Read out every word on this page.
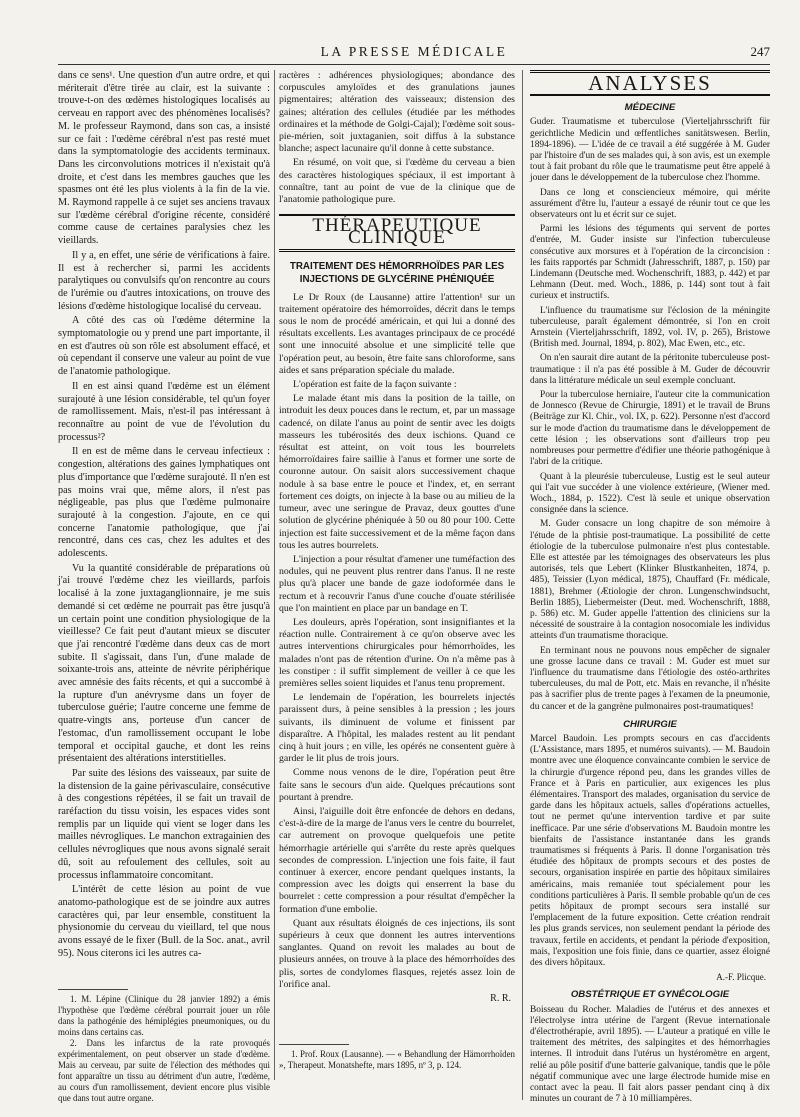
LA PRESSE MÉDICALE	247

dans ce sens¹. Une question d'un autre ordre, et qui mériterait d'être tirée au clair, est la suivante : trouve-t-on des œdèmes histologiques localisés au cerveau en rapport avec des phénomènes localisés? M. le professeur Raymond, dans son cas, a insisté sur ce fait : l'œdème cérébral n'est pas resté muet dans la symptomatologie des accidents terminaux. Dans les circonvolutions motrices il n'existait qu'à droite, et c'est dans les membres gauches que les spasmes ont été les plus violents à la fin de la vie. M. Raymond rappelle à ce sujet ses anciens travaux sur l'œdème cérébral d'origine récente, considéré comme cause de certaines paralysies chez les vieillards.

Il y a, en effet, une série de vérifications à faire. Il est à rechercher si, parmi les accidents paralytiques ou convulsifs qu'on rencontre au cours de l'urémie ou d'autres intoxications, on trouve des lésions d'œdème histologique localisé du cerveau.

A côté des cas où l'œdème détermine la symptomatologie ou y prend une part importante, il en est d'autres où son rôle est absolument effacé, et où cependant il conserve une valeur au point de vue de l'anatomie pathologique.

Il en est ainsi quand l'œdème est un élément surajouté à une lésion considérable, tel qu'un foyer de ramollissement. Mais, n'est-il pas intéressant à reconnaître au point de vue de l'évolution du processus²?

Il en est de même dans le cerveau infectieux : congestion, altérations des gaines lymphatiques ont plus d'importance que l'œdème surajouté. Il n'en est pas moins vrai que, même alors, il n'est pas négligeable, pas plus que l'œdème pulmonaire surajouté à la congestion. J'ajoute, en ce qui concerne l'anatomie pathologique, que j'ai rencontré, dans ces cas, chez les adultes et des adolescents.

Vu la quantité considérable de préparations où j'ai trouvé l'œdème chez les vieillards, parfois localisé à la zone juxtaganglionnaire, je me suis demandé si cet œdème ne pourrait pas être jusqu'à un certain point une condition physiologique de la vieillesse? Ce fait peut d'autant mieux se discuter que j'ai rencontré l'œdème dans deux cas de mort subite. Il s'agissait, dans l'un, d'une malade de soixante-trois ans, atteinte de névrite périphérique avec amnésie des faits récents, et qui a succombé à la rupture d'un anévrysme dans un foyer de tuberculose guérie; l'autre concerne une femme de quatre-vingts ans, porteuse d'un cancer de l'estomac, d'un ramollissement occupant le lobe temporal et occipital gauche, et dont les reins présentaient des altérations interstitielles.

Par suite des lésions des vaisseaux, par suite de la distension de la gaine périvasculaire, consécutive à des congestions répétées, il se fait un travail de raréfaction du tissu voisin, les espaces vides sont remplis par un liquide qui vient se loger dans les mailles névrogliques. Le manchon extragainien des cellules névrogliques que nous avons signalé serait dû, soit au refoulement des cellules, soit au processus inflammatoire concomitant.

L'intérêt de cette lésion au point de vue anatomo-pathologique est de se joindre aux autres caractères qui, par leur ensemble, constituent la physionomie du cerveau du vieillard, tel que nous avons essayé de le fixer (Bull. de la Soc. anat., avril 95). Nous citerons ici les autres ca-

1. M. Lépine (Clinique du 28 janvier 1892) a émis l'hypothèse que l'œdème cérébral pourrait jouer un rôle dans la pathogénie des hémiplégies pneumoniques, ou du moins dans certains cas.

2. Dans les infarctus de la rate provoqués expérimentalement, on peut observer un stade d'œdème. Mais au cerveau, par suite de l'élection des méthodes qui font apparaître un tissu au détriment d'un autre, l'œdème, au cours d'un ramollissement, devient encore plus visible que dans tout autre organe.

ractères : adhérences physiologiques; abondance des corpuscules amyloïdes et des granulations jaunes pigmentaires; altération des vaisseaux; distension des gaines; altération des cellules (étudiée par les méthodes ordinaires et la méthode de Golgi-Cajal); l'œdème soit sous-pie-mérien, soit juxtaganien, soit diffus à la substance blanche; aspect lacunaire qu'il donne à cette substance.

En résumé, on voit que, si l'œdème du cerveau a bien des caractères histologiques spéciaux, il est important à connaître, tant au point de vue de la clinique que de l'anatomie pathologique pure.

THÉRAPEUTIQUE CLINIQUE
TRAITEMENT DES HÉMORRHOÏDES PAR LES INJECTIONS DE GLYCÉRINE PHÉNIQUÉE

Le Dr Roux (de Lausanne) attire l'attention¹ sur un traitement opératoire des hémorroïdes, décrit dans le temps sous le nom de procédé américain, et qui lui a donné des résultats excellents. Les avantages principaux de ce procédé sont une innocuité absolue et une simplicité telle que l'opération peut, au besoin, être faite sans chloroforme, sans aides et sans préparation spéciale du malade.

L'opération est faite de la façon suivante :

Le malade étant mis dans la position de la taille, on introduit les deux pouces dans le rectum, et, par un massage cadencé, on dilate l'anus au point de sentir avec les doigts masseurs les tubérosités des deux ischions. Quand ce résultat est atteint, on voit tous les bourrelets hémorroïdaires faire saillie à l'anus et former une sorte de couronne autour. On saisit alors successivement chaque nodule à sa base entre le pouce et l'index, et, en serrant fortement ces doigts, on injecte à la base ou au milieu de la tumeur, avec une seringue de Pravaz, deux gouttes d'une solution de glycérine phéniquée à 50 ou 80 pour 100. Cette injection est faite successivement et de la même façon dans tous les autres bourrelets.

L'injection a pour résultat d'amener une tuméfaction des nodules, qui ne peuvent plus rentrer dans l'anus. Il ne reste plus qu'à placer une bande de gaze iodoformée dans le rectum et à recouvrir l'anus d'une couche d'ouate stérilisée que l'on maintient en place par un bandage en T.

Les douleurs, après l'opération, sont insignifiantes et la réaction nulle. Contrairement à ce qu'on observe avec les autres interventions chirurgicales pour hémorrhoïdes, les malades n'ont pas de rétention d'urine. On n'a même pas à les constiper : il suffit simplement de veiller à ce que les premières selles soient liquides et l'anus tenu proprement.

Le lendemain de l'opération, les bourrelets injectés paraissent durs, à peine sensibles à la pression ; les jours suivants, ils diminuent de volume et finissent par disparaître. A l'hôpital, les malades restent au lit pendant cinq à huit jours ; en ville, les opérés ne consentent guère à garder le lit plus de trois jours.

Comme nous venons de le dire, l'opération peut être faite sans le secours d'un aide. Quelques précautions sont pourtant à prendre.

Ainsi, l'aiguille doit être enfoncée de dehors en dedans, c'est-à-dire de la marge de l'anus vers le centre du bourrelet, car autrement on provoque quelquefois une petite hémorrhagie artérielle qui s'arrête du reste après quelques secondes de compression. L'injection une fois faite, il faut continuer à exercer, encore pendant quelques instants, la compression avec les doigts qui enserrent la base du bourrelet : cette compression a pour résultat d'empêcher la formation d'une embolie.

Quant aux résultats éloignés de ces injections, ils sont supérieurs à ceux que donnent les autres interventions sanglantes. Quand on revoit les malades au bout de plusieurs années, on trouve à la place des hémorrhoïdes des plis, sortes de condylomes flasques, rejetés assez loin de l'orifice anal.

R. R.

1. Prof. Roux (Lausanne). — « Behandlung der Hämorrhoïden », Therapeut. Monatshefte, mars 1895, nº 3, p. 124.

ANALYSES
MÉDECINE

Guder. Traumatisme et tuberculose (Vierteljahrsschrift für gerichtliche Medicin und œffentliches sanitätswesen. Berlin, 1894-1896). — L'idée de ce travail a été suggérée à M. Guder par l'histoire d'un de ses malades qui, à son avis, est un exemple tout à fait probant du rôle que le traumatisme peut être appelé à jouer dans le développement de la tuberculose chez l'homme.

Dans ce long et consciencieux mémoire, qui mérite assurément d'être lu, l'auteur a essayé de réunir tout ce que les observateurs ont lu et écrit sur ce sujet.

Parmi les lésions des téguments qui servent de portes d'entrée, M. Guder insiste sur l'infection tuberculeuse consécutive aux morsures et à l'opération de la circoncision : les faits rapportés par Schmidt (Jahresschrift, 1887, p. 150) par Lindemann (Deutsche med. Wochenschrift, 1883, p. 442) et par Lehmann (Deut. med. Woch., 1886, p. 144) sont tout à fait curieux et instructifs.

L'influence du traumatisme sur l'éclosion de la méningite tuberculeuse, paraît également démontrée, si l'on en croit Arnstein (Vierteljahrsschrift, 1892, vol. IV, p. 265), Bristowe (British med. Journal, 1894, p. 802), Mac Ewen, etc., etc.

On n'en saurait dire autant de la péritonite tuberculeuse post-traumatique : il n'a pas été possible à M. Guder de découvrir dans la littérature médicale un seul exemple concluant.

Pour la tuberculose herniaire, l'auteur cite la communication de Jonnesco (Revue de Chirurgie, 1891) et le travail de Bruns (Beiträge zur Kl. Chir., vol. IX, p. 622). Personne n'est d'accord sur le mode d'action du traumatisme dans le développement de cette lésion ; les observations sont d'ailleurs trop peu nombreuses pour permettre d'édifier une théorie pathogénique à l'abri de la critique.

Quant à la pleurésie tuberculeuse, Lustig est le seul auteur qui l'ait vue succéder à une violence extérieure, (Wiener med. Woch., 1884, p. 1522). C'est là seule et unique observation consignée dans la science.

M. Guder consacre un long chapitre de son mémoire à l'étude de la phtisie post-traumatique. La possibilité de cette étiologie de la tuberculose pulmonaire n'est plus contestable. Elle est attestée par les témoignages des observateurs les plus autorisés, tels que Lebert (Klinker Blustkanheiten, 1874, p. 485), Teissier (Lyon médical, 1875), Chauffard (Fr. médicale, 1881), Brehmer (Ætiologie der chron. Lungenschwindsucht, Berlin 1885), Liebermeister (Deut. med. Wochenschrift, 1888, p. 586) etc. M. Guder appelle l'attention des cliniciens sur la nécessité de soustraire à la contagion nosocomiale les individus atteints d'un traumatisme thoracique.

En terminant nous ne pouvons nous empêcher de signaler une grosse lacune dans ce travail : M. Guder est muet sur l'influence du traumatisme dans l'étiologie des ostéo-arthrites tuberculeuses, du mal de Pott, etc. Mais en revanche, il n'hésite pas à sacrifier plus de trente pages à l'examen de la pneumonie, du cancer et de la gangrène pulmonaires post-traumatiques!

CHIRURGIE

Marcel Baudoin. Les prompts secours en cas d'accidents (L'Assistance, mars 1895, et numéros suivants). — M. Baudoin montre avec une éloquence convaincante combien le service de la chirurgie d'urgence répond peu, dans les grandes villes de France et à Paris en particulier, aux exigences les plus élémentaires. Transport des malades, organisation du service de garde dans les hôpitaux actuels, salles d'opérations actuelles, tout ne permet qu'une intervention tardive et par suite inefficace. Par une série d'observations M. Baudoin montre les bienfaits de l'assistance instantanée dans les grands traumatismes si fréquents à Paris. Il donne l'organisation très étudiée des hôpitaux de prompts secours et des postes de secours, organisation inspirée en partie des hôpitaux similaires américains, mais remaniée tout spécialement pour les conditions particulières à Paris. Il semble probable qu'un de ces petits hôpitaux de prompt secours sera installé sur l'emplacement de la future exposition. Cette création rendrait les plus grands services, non seulement pendant la période des travaux, fertile en accidents, et pendant la période d'exposition, mais, l'exposition une fois finie, dans ce quartier, assez éloigné des divers hôpitaux.

A.-F. Plicque.
OBSTÉTRIQUE ET GYNÉCOLOGIE

Boisseau du Rocher. Maladies de l'utérus et des annexes et l'électrolyse intra utérine de l'argent (Revue internationale d'électrothérapie, avril 1895). — L'auteur a pratiqué en ville le traitement des métrites, des salpingites et des hémorrhagies internes. Il introduit dans l'utérus un hystéromètre en argent, relié au pôle positif d'une batterie galvanique, tandis que le pôle négatif communique avec une large électrode humide mise en contact avec la peau. Il fait alors passer pendant cinq à dix minutes un courant de 7 à 10 milliampères.
